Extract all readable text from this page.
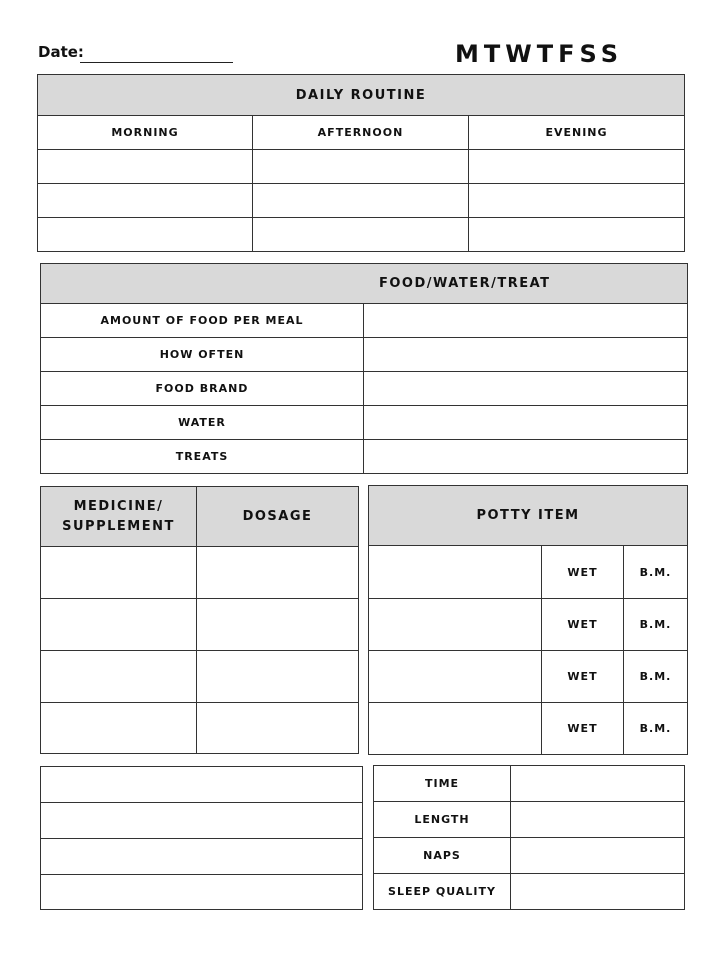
Date:	MTWTFSS
DAILY ROUTINE		
MORNING	AFTERNOON	EVENING

FOOD/WATER/TREAT	
AMOUNT OF FOOD PER MEAL	
HOW OFTEN	
FOOD BRAND	
WATER	
TREATS	
MEDICINE/
SUPPLEMENT	DOSAGE

		POTTY ITEM		
	WET	B.M.
	WET	B.M.
	WET	B.M.
	WET	B.M.

TIME	
LENGTH	
NAPS	
SLEEP QUALITY	
